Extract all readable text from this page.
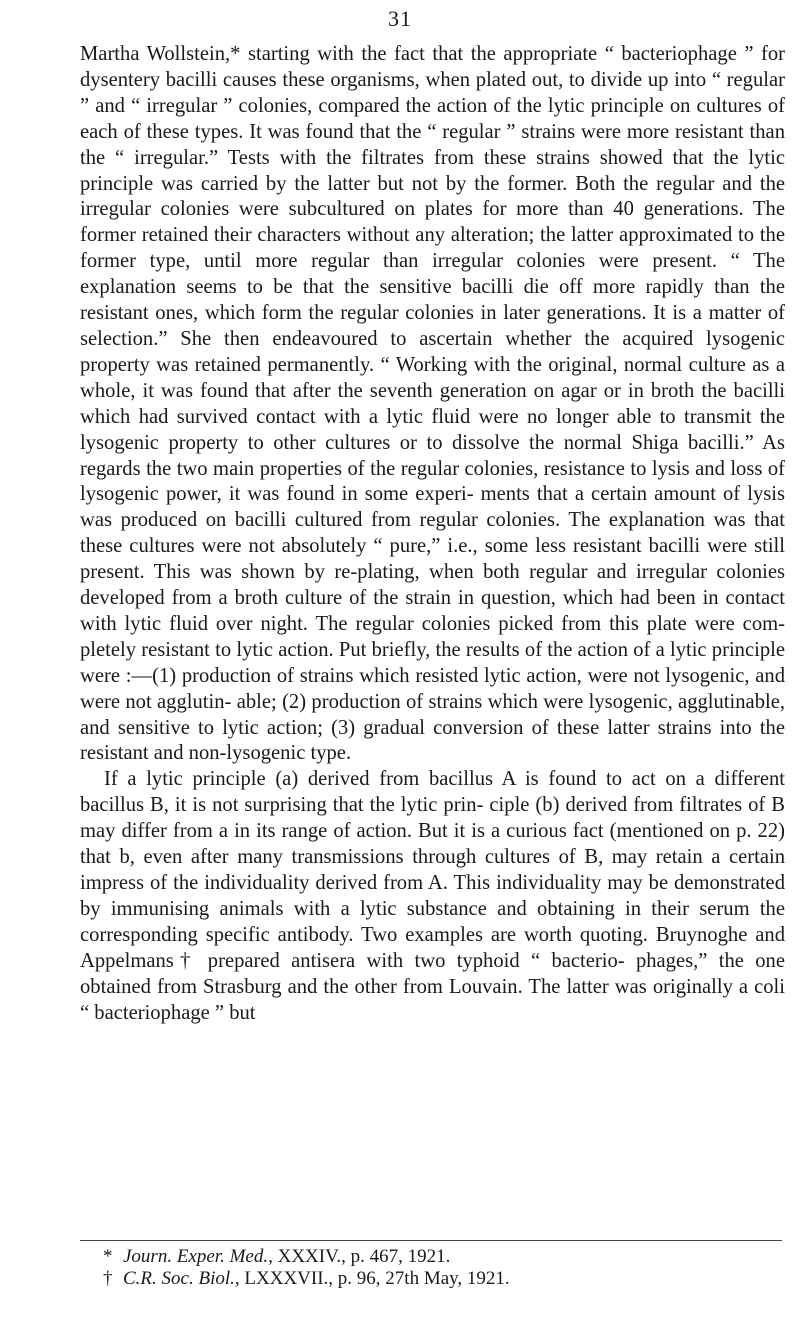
31

Martha Wollstein,* starting with the fact that the appropriate “ bacteriophage ” for dysentery bacilli causes these organisms, when plated out, to divide up into “ regular ” and “ irregular ” colonies, compared the action of the lytic principle on cultures of each of these types. It was found that the “ regular ” strains were more resistant than the “ irregular.” Tests with the filtrates from these strains showed that the lytic principle was carried by the latter but not by the former. Both the regular and the irregular colonies were subcultured on plates for more than 40 generations. The former retained their characters without any alteration; the latter approximated to the former type, until more regular than irregular colonies were present. “ The explanation seems to be that the sensitive bacilli die off more rapidly than the resistant ones, which form the regular colonies in later generations. It is a matter of selection.” She then endeavoured to ascertain whether the acquired lysogenic property was retained permanently. “ Working with the original, normal culture as a whole, it was found that after the seventh generation on agar or in broth the bacilli which had survived contact with a lytic fluid were no longer able to transmit the lysogenic property to other cultures or to dissolve the normal Shiga bacilli.” As regards the two main properties of the regular colonies, resistance to lysis and loss of lysogenic power, it was found in some experi- ments that a certain amount of lysis was produced on bacilli cultured from regular colonies. The explanation was that these cultures were not absolutely “ pure,” i.e., some less resistant bacilli were still present. This was shown by re-plating, when both regular and irregular colonies developed from a broth culture of the strain in question, which had been in contact with lytic fluid over night. The regular colonies picked from this plate were com- pletely resistant to lytic action. Put briefly, the results of the action of a lytic principle were :—(1) production of strains which resisted lytic action, were not lysogenic, and were not agglutin- able; (2) production of strains which were lysogenic, agglutinable, and sensitive to lytic action; (3) gradual conversion of these latter strains into the resistant and non-lysogenic type.

If a lytic principle (a) derived from bacillus A is found to act on a different bacillus B, it is not surprising that the lytic prin- ciple (b) derived from filtrates of B may differ from a in its range of action. But it is a curious fact (mentioned on p. 22) that b, even after many transmissions through cultures of B, may retain a certain impress of the individuality derived from A. This individuality may be demonstrated by immunising animals with a lytic substance and obtaining in their serum the corresponding specific antibody. Two examples are worth quoting. Bruynoghe and Appelmans† prepared antisera with two typhoid “ bacterio- phages,” the one obtained from Strasburg and the other from Louvain. The latter was originally a coli “ bacteriophage ” but

* Journ. Exper. Med., XXXIV., p. 467, 1921.
† C.R. Soc. Biol., LXXXVII., p. 96, 27th May, 1921.
